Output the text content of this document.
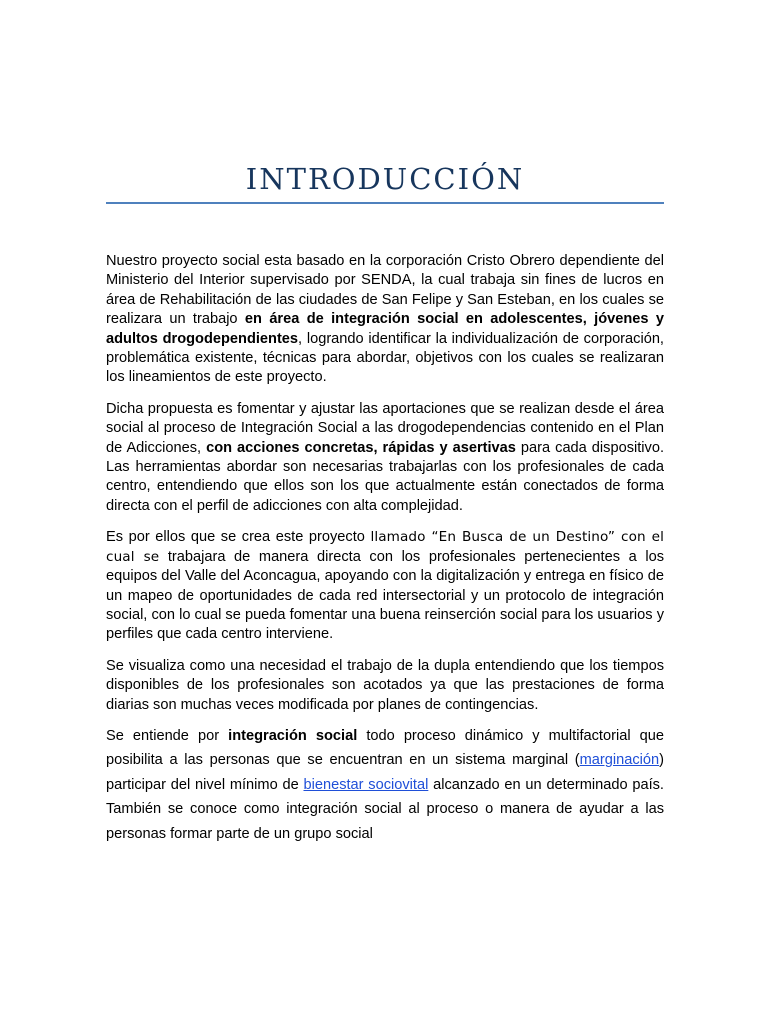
INTRODUCCIÓN

Nuestro proyecto social esta basado en la corporación Cristo Obrero dependiente del Ministerio del Interior supervisado por SENDA, la cual trabaja sin fines de lucros en área de Rehabilitación de las ciudades de San Felipe y San Esteban, en los cuales se realizara un trabajo en área de integración social en adolescentes, jóvenes y adultos drogodependientes, logrando identificar la individualización de corporación, problemática existente, técnicas para abordar, objetivos con los cuales se realizaran los lineamientos de este proyecto.

Dicha propuesta es fomentar y ajustar las aportaciones que se realizan desde el área social al proceso de Integración Social a las drogodependencias contenido en el Plan de Adicciones, con acciones concretas, rápidas y asertivas para cada dispositivo. Las herramientas abordar son necesarias trabajarlas con los profesionales de cada centro, entendiendo que ellos son los que actualmente están conectados de forma directa con el perfil de adicciones con alta complejidad.

Es por ellos que se crea este proyecto llamado “En Busca de un Destino” con el cual se trabajara de manera directa con los profesionales pertenecientes a los equipos del Valle del Aconcagua, apoyando con la digitalización y entrega en físico de un mapeo de oportunidades de cada red intersectorial y un protocolo de integración social, con lo cual se pueda fomentar una buena reinserción social para los usuarios y perfiles que cada centro interviene.

Se visualiza como una necesidad el trabajo de la dupla entendiendo que los tiempos disponibles de los profesionales son acotados ya que las prestaciones de forma diarias son muchas veces modificada por planes de contingencias.

Se entiende por integración social todo proceso dinámico y multifactorial que posibilita a las personas que se encuentran en un sistema marginal (marginación) participar del nivel mínimo de bienestar sociovital alcanzado en un determinado país. También se conoce como integración social al proceso o manera de ayudar a las personas formar parte de un grupo social
